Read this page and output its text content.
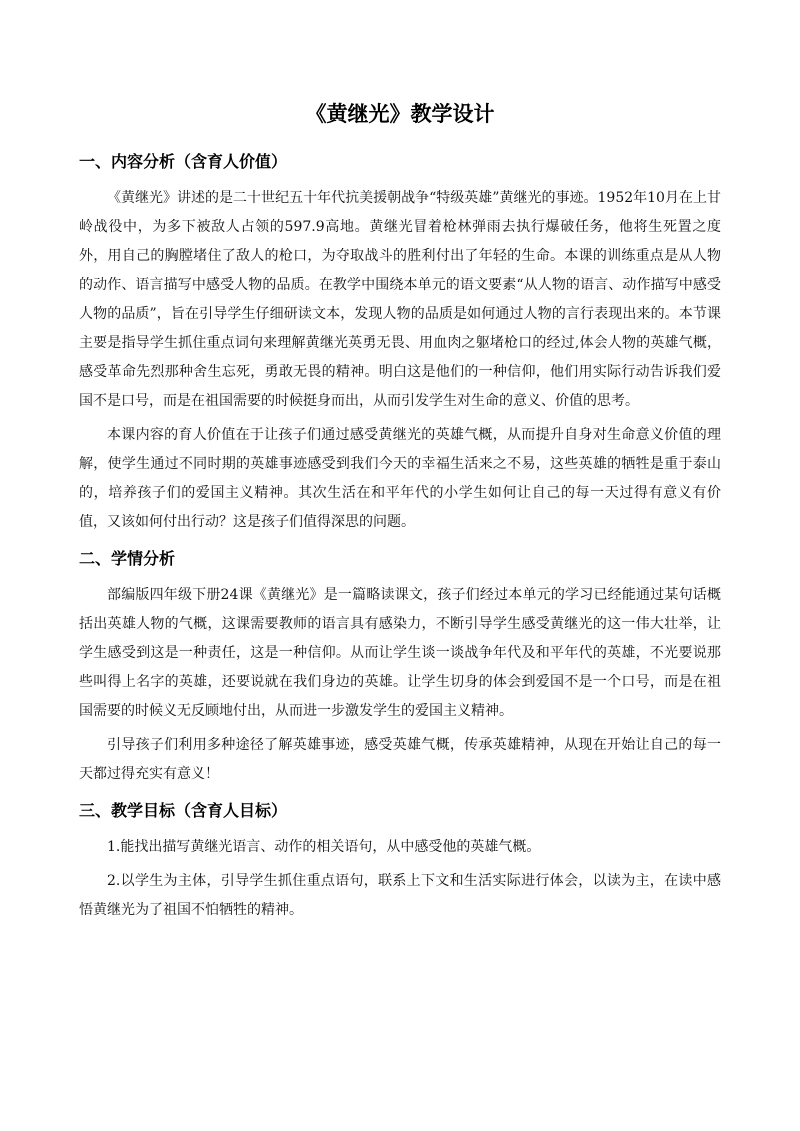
《黄继光》教学设计
一、内容分析（含育人价值）

《黄继光》讲述的是二十世纪五十年代抗美援朝战争“特级英雄”黄继光的事迹。1952年10月在上甘岭战役中，为多下被敌人占领的597.9高地。黄继光冒着枪林弹雨去执行爆破任务，他将生死置之度外，用自己的胸膛堵住了敌人的枪口，为夺取战斗的胜利付出了年轻的生命。本课的训练重点是从人物的动作、语言描写中感受人物的品质。在教学中围绕本单元的语文要素“从人物的语言、动作描写中感受人物的品质”，旨在引导学生仔细研读文本，发现人物的品质是如何通过人物的言行表现出来的。本节课主要是指导学生抓住重点词句来理解黄继光英勇无畏、用血肉之躯堵枪口的经过,体会人物的英雄气概，感受革命先烈那种舍生忘死，勇敢无畏的精神。明白这是他们的一种信仰，他们用实际行动告诉我们爱国不是口号，而是在祖国需要的时候挺身而出，从而引发学生对生命的意义、价值的思考。

本课内容的育人价值在于让孩子们通过感受黄继光的英雄气概，从而提升自身对生命意义价值的理解，使学生通过不同时期的英雄事迹感受到我们今天的幸福生活来之不易，这些英雄的牺牲是重于泰山的，培养孩子们的爱国主义精神。其次生活在和平年代的小学生如何让自己的每一天过得有意义有价值，又该如何付出行动？这是孩子们值得深思的问题。

二、学情分析

部编版四年级下册24课《黄继光》是一篇略读课文，孩子们经过本单元的学习已经能通过某句话概括出英雄人物的气概，这课需要教师的语言具有感染力，不断引导学生感受黄继光的这一伟大壮举，让学生感受到这是一种责任，这是一种信仰。从而让学生谈一谈战争年代及和平年代的英雄，不光要说那些叫得上名字的英雄，还要说就在我们身边的英雄。让学生切身的体会到爱国不是一个口号，而是在祖国需要的时候义无反顾地付出，从而进一步激发学生的爱国主义精神。

引导孩子们利用多种途径了解英雄事迹，感受英雄气概，传承英雄精神，从现在开始让自己的每一天都过得充实有意义！

三、教学目标（含育人目标）

1.能找出描写黄继光语言、动作的相关语句，从中感受他的英雄气概。

2.以学生为主体，引导学生抓住重点语句，联系上下文和生活实际进行体会，以读为主，在读中感悟黄继光为了祖国不怕牺牲的精神。
